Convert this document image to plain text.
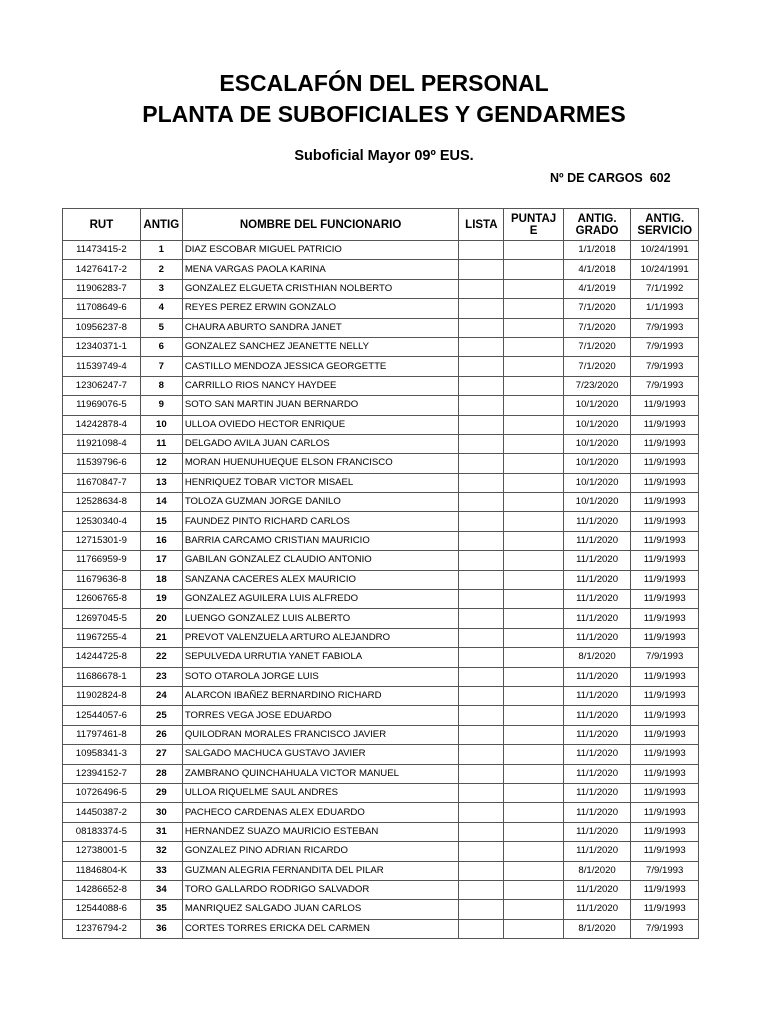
ESCALAFÓN DEL PERSONAL
PLANTA DE SUBOFICIALES Y GENDARMES
Suboficial Mayor 09º EUS.
Nº DE CARGOS  602
RUT	ANTIG	NOMBRE DEL FUNCIONARIO	LISTA	PUNTAJ E	ANTIG. GRADO	ANTIG. SERVICIO
11473415-2	1	DIAZ ESCOBAR MIGUEL PATRICIO			1/1/2018	10/24/1991
14276417-2	2	MENA VARGAS PAOLA KARINA			4/1/2018	10/24/1991
11906283-7	3	GONZALEZ ELGUETA CRISTHIAN NOLBERTO			4/1/2019	7/1/1992
11708649-6	4	REYES PEREZ ERWIN GONZALO			7/1/2020	1/1/1993
10956237-8	5	CHAURA ABURTO SANDRA JANET			7/1/2020	7/9/1993
12340371-1	6	GONZALEZ SANCHEZ JEANETTE NELLY			7/1/2020	7/9/1993
11539749-4	7	CASTILLO MENDOZA JESSICA GEORGETTE			7/1/2020	7/9/1993
12306247-7	8	CARRILLO RIOS NANCY HAYDEE			7/23/2020	7/9/1993
11969076-5	9	SOTO SAN MARTIN JUAN BERNARDO			10/1/2020	11/9/1993
14242878-4	10	ULLOA OVIEDO HECTOR ENRIQUE			10/1/2020	11/9/1993
11921098-4	11	DELGADO AVILA JUAN CARLOS			10/1/2020	11/9/1993
11539796-6	12	MORAN HUENUHUEQUE ELSON FRANCISCO			10/1/2020	11/9/1993
11670847-7	13	HENRIQUEZ TOBAR VICTOR MISAEL			10/1/2020	11/9/1993
12528634-8	14	TOLOZA GUZMAN JORGE DANILO			10/1/2020	11/9/1993
12530340-4	15	FAUNDEZ PINTO RICHARD CARLOS			11/1/2020	11/9/1993
12715301-9	16	BARRIA CARCAMO CRISTIAN MAURICIO			11/1/2020	11/9/1993
11766959-9	17	GABILAN GONZALEZ CLAUDIO ANTONIO			11/1/2020	11/9/1993
11679636-8	18	SANZANA CACERES ALEX MAURICIO			11/1/2020	11/9/1993
12606765-8	19	GONZALEZ AGUILERA LUIS ALFREDO			11/1/2020	11/9/1993
12697045-5	20	LUENGO GONZALEZ LUIS ALBERTO			11/1/2020	11/9/1993
11967255-4	21	PREVOT VALENZUELA ARTURO ALEJANDRO			11/1/2020	11/9/1993
14244725-8	22	SEPULVEDA URRUTIA YANET FABIOLA			8/1/2020	7/9/1993
11686678-1	23	SOTO OTAROLA JORGE LUIS			11/1/2020	11/9/1993
11902824-8	24	ALARCON IBAÑEZ BERNARDINO RICHARD			11/1/2020	11/9/1993
12544057-6	25	TORRES VEGA JOSE EDUARDO			11/1/2020	11/9/1993
11797461-8	26	QUILODRAN MORALES FRANCISCO JAVIER			11/1/2020	11/9/1993
10958341-3	27	SALGADO MACHUCA GUSTAVO JAVIER			11/1/2020	11/9/1993
12394152-7	28	ZAMBRANO QUINCHAHUALA VICTOR MANUEL			11/1/2020	11/9/1993
10726496-5	29	ULLOA RIQUELME SAUL ANDRES			11/1/2020	11/9/1993
14450387-2	30	PACHECO CARDENAS ALEX EDUARDO			11/1/2020	11/9/1993
08183374-5	31	HERNANDEZ SUAZO MAURICIO ESTEBAN			11/1/2020	11/9/1993
12738001-5	32	GONZALEZ PINO ADRIAN RICARDO			11/1/2020	11/9/1993
11846804-K	33	GUZMAN ALEGRIA FERNANDITA DEL PILAR			8/1/2020	7/9/1993
14286652-8	34	TORO GALLARDO RODRIGO SALVADOR			11/1/2020	11/9/1993
12544088-6	35	MANRIQUEZ SALGADO JUAN CARLOS			11/1/2020	11/9/1993
12376794-2	36	CORTES TORRES ERICKA DEL CARMEN			8/1/2020	7/9/1993
